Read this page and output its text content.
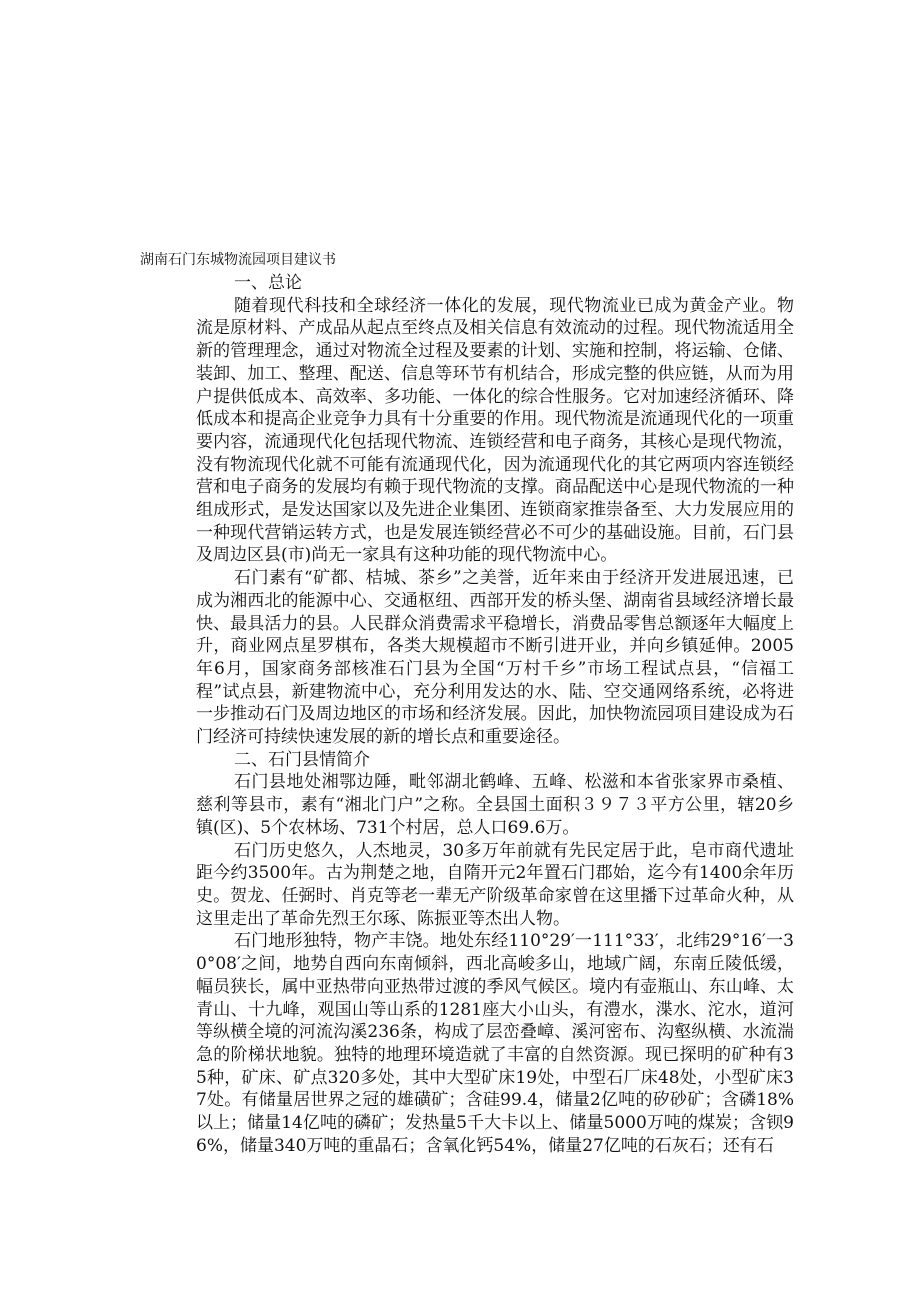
湖南石门东城物流园项目建议书
一、总论

随着现代科技和全球经济一体化的发展，现代物流业已成为黄金产业。物流是原材料、产成品从起点至终点及相关信息有效流动的过程。现代物流适用全新的管理理念，通过对物流全过程及要素的计划、实施和控制，将运输、仓储、装卸、加工、整理、配送、信息等环节有机结合，形成完整的供应链，从而为用户提供低成本、高效率、多功能、一体化的综合性服务。它对加速经济循环、降低成本和提高企业竞争力具有十分重要的作用。现代物流是流通现代化的一项重要内容，流通现代化包括现代物流、连锁经营和电子商务，其核心是现代物流，没有物流现代化就不可能有流通现代化，因为流通现代化的其它两项内容连锁经营和电子商务的发展均有赖于现代物流的支撑。商品配送中心是现代物流的一种组成形式，是发达国家以及先进企业集团、连锁商家推崇备至、大力发展应用的一种现代营销运转方式，也是发展连锁经营必不可少的基础设施。目前，石门县及周边区县(市)尚无一家具有这种功能的现代物流中心。

石门素有“矿都、桔城、茶乡”之美誉，近年来由于经济开发进展迅速，已成为湘西北的能源中心、交通枢纽、西部开发的桥头堡、湖南省县域经济增长最快、最具活力的县。人民群众消费需求平稳增长，消费品零售总额逐年大幅度上升，商业网点星罗棋布，各类大规模超市不断引进开业，并向乡镇延伸。2005年6月，国家商务部核准石门县为全国“万村千乡”市场工程试点县，“信福工程”试点县，新建物流中心，充分利用发达的水、陆、空交通网络系统，必将进一步推动石门及周边地区的市场和经济发展。因此，加快物流园项目建设成为石门经济可持续快速发展的新的增长点和重要途径。

二、石门县情简介

石门县地处湘鄂边陲，毗邻湖北鹤峰、五峰、松滋和本省张家界市桑植、慈利等县市，素有“湘北门户”之称。全县国土面积３９７３平方公里，辖20乡镇(区)、5个农林场、731个村居，总人口69.6万。

石门历史悠久，人杰地灵，30多万年前就有先民定居于此，皂市商代遗址距今约3500年。古为荆楚之地，自隋开元2年置石门郡始，迄今有1400余年历史。贺龙、任弼时、肖克等老一辈无产阶级革命家曾在这里播下过革命火种，从这里走出了革命先烈王尔琢、陈振亚等杰出人物。

石门地形独特，物产丰饶。地处东经110°29′一111°33′，北纬29°16′一30°08′之间，地势自西向东南倾斜，西北高峻多山，地域广阔，东南丘陵低缓，幅员狭长，属中亚热带向亚热带过渡的季风气候区。境内有壶瓶山、东山峰、太青山、十九峰，观国山等山系的1281座大小山头，有澧水，渫水、沱水，道河等纵横全境的河流沟溪236条，构成了层峦叠嶂、溪河密布、沟壑纵横、水流湍急的阶梯状地貌。独特的地理环境造就了丰富的自然资源。现已探明的矿种有35种，矿床、矿点320多处，其中大型矿床19处，中型石厂床48处，小型矿床37处。有储量居世界之冠的雄磺矿；含硅99.4，储量2亿吨的矽砂矿；含磷18%以上；储量14亿吨的磷矿；发热量5千大卡以上、储量5000万吨的煤炭；含钡96%，储量340万吨的重晶石；含氧化钙54%，储量27亿吨的石灰石；还有石
